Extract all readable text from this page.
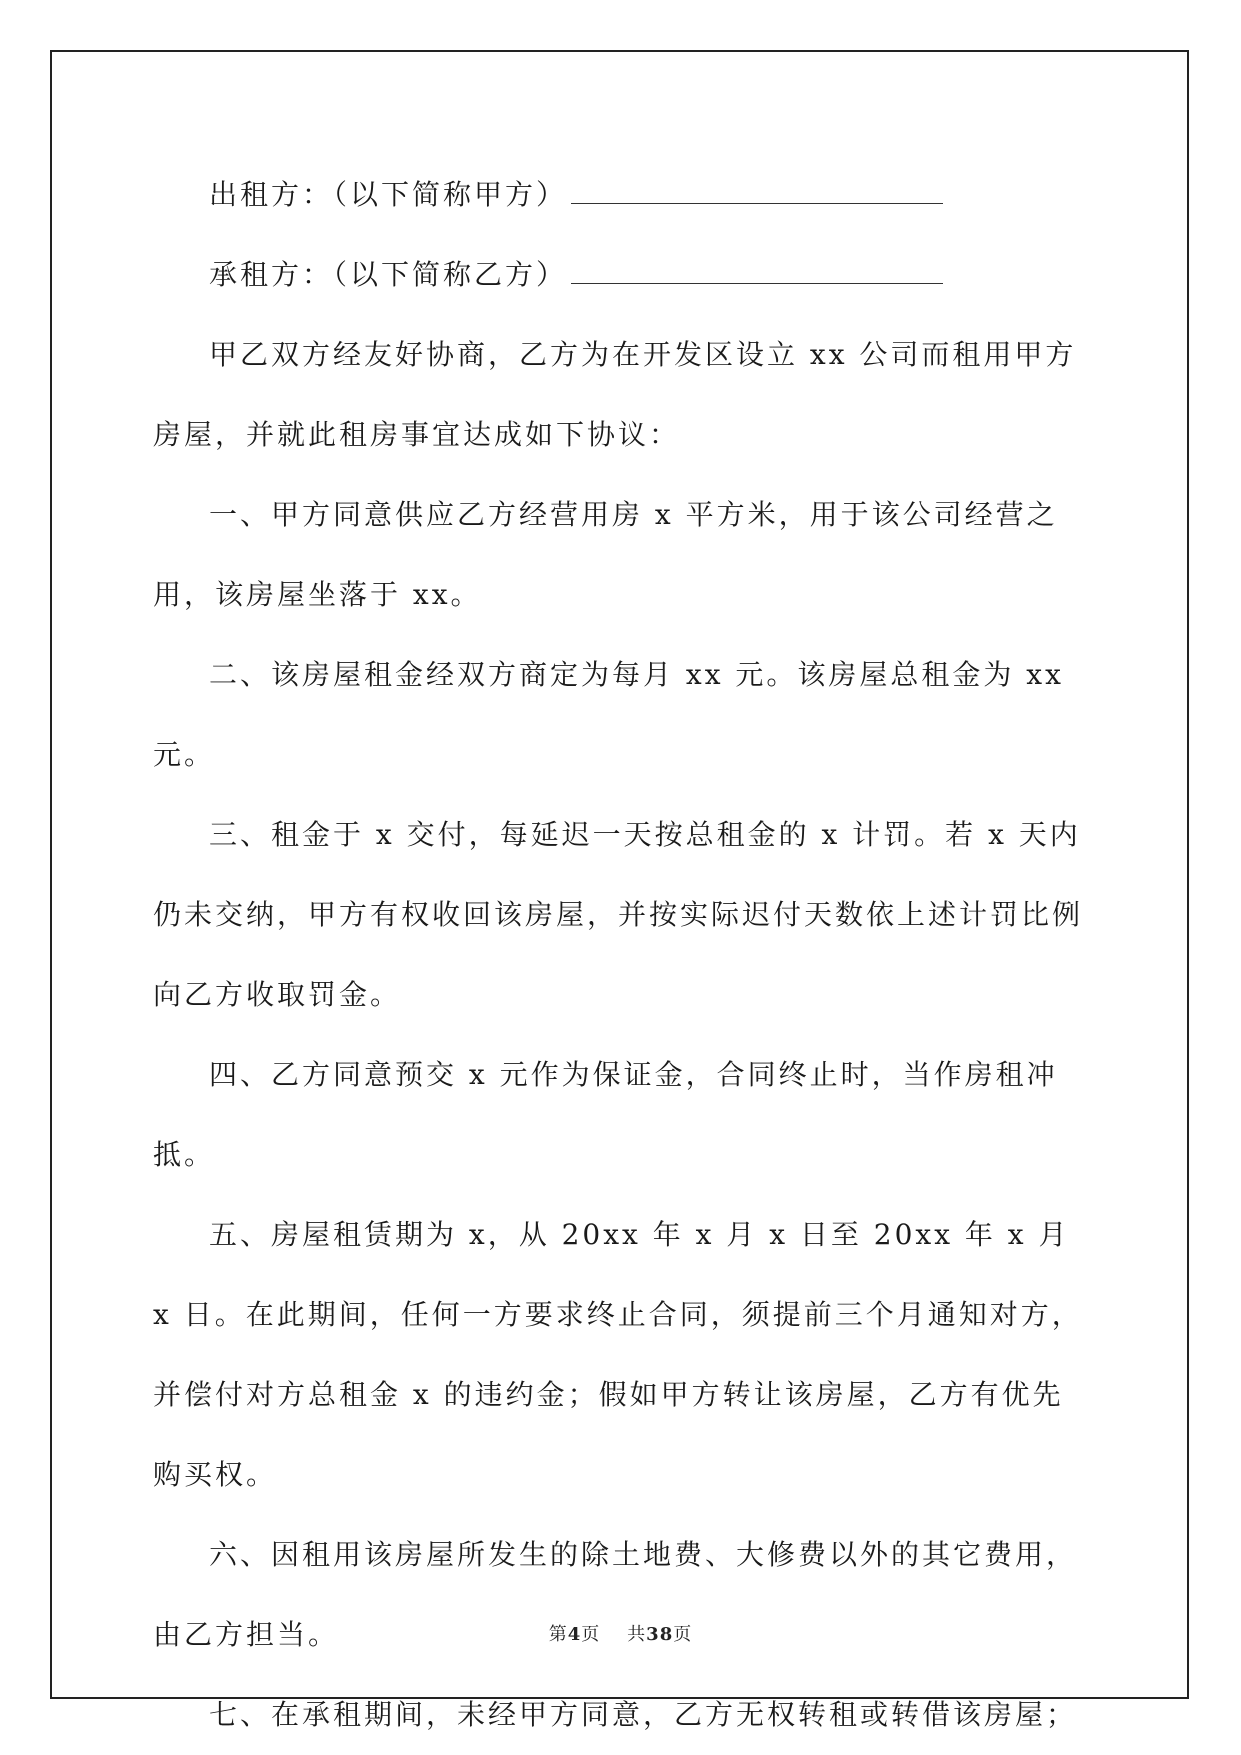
出租方：（以下简称甲方）

承租方：（以下简称乙方）

甲乙双方经友好协商，乙方为在开发区设立 xx 公司而租用甲方房屋，并就此租房事宜达成如下协议：

一、甲方同意供应乙方经营用房 x 平方米，用于该公司经营之用，该房屋坐落于 xx。

二、该房屋租金经双方商定为每月 xx 元。该房屋总租金为 xx 元。

三、租金于 x 交付，每延迟一天按总租金的 x 计罚。若 x 天内仍未交纳，甲方有权收回该房屋，并按实际迟付天数依上述计罚比例向乙方收取罚金。

四、乙方同意预交 x 元作为保证金，合同终止时，当作房租冲抵。

五、房屋租赁期为 x，从 20xx 年 x 月 x 日至 20xx 年 x 月 x 日。在此期间，任何一方要求终止合同，须提前三个月通知对方，并偿付对方总租金 x 的违约金；假如甲方转让该房屋，乙方有优先购买权。

六、因租用该房屋所发生的除土地费、大修费以外的其它费用，由乙方担当。

七、在承租期间，未经甲方同意，乙方无权转租或转借该房屋；

第4页 共38页
